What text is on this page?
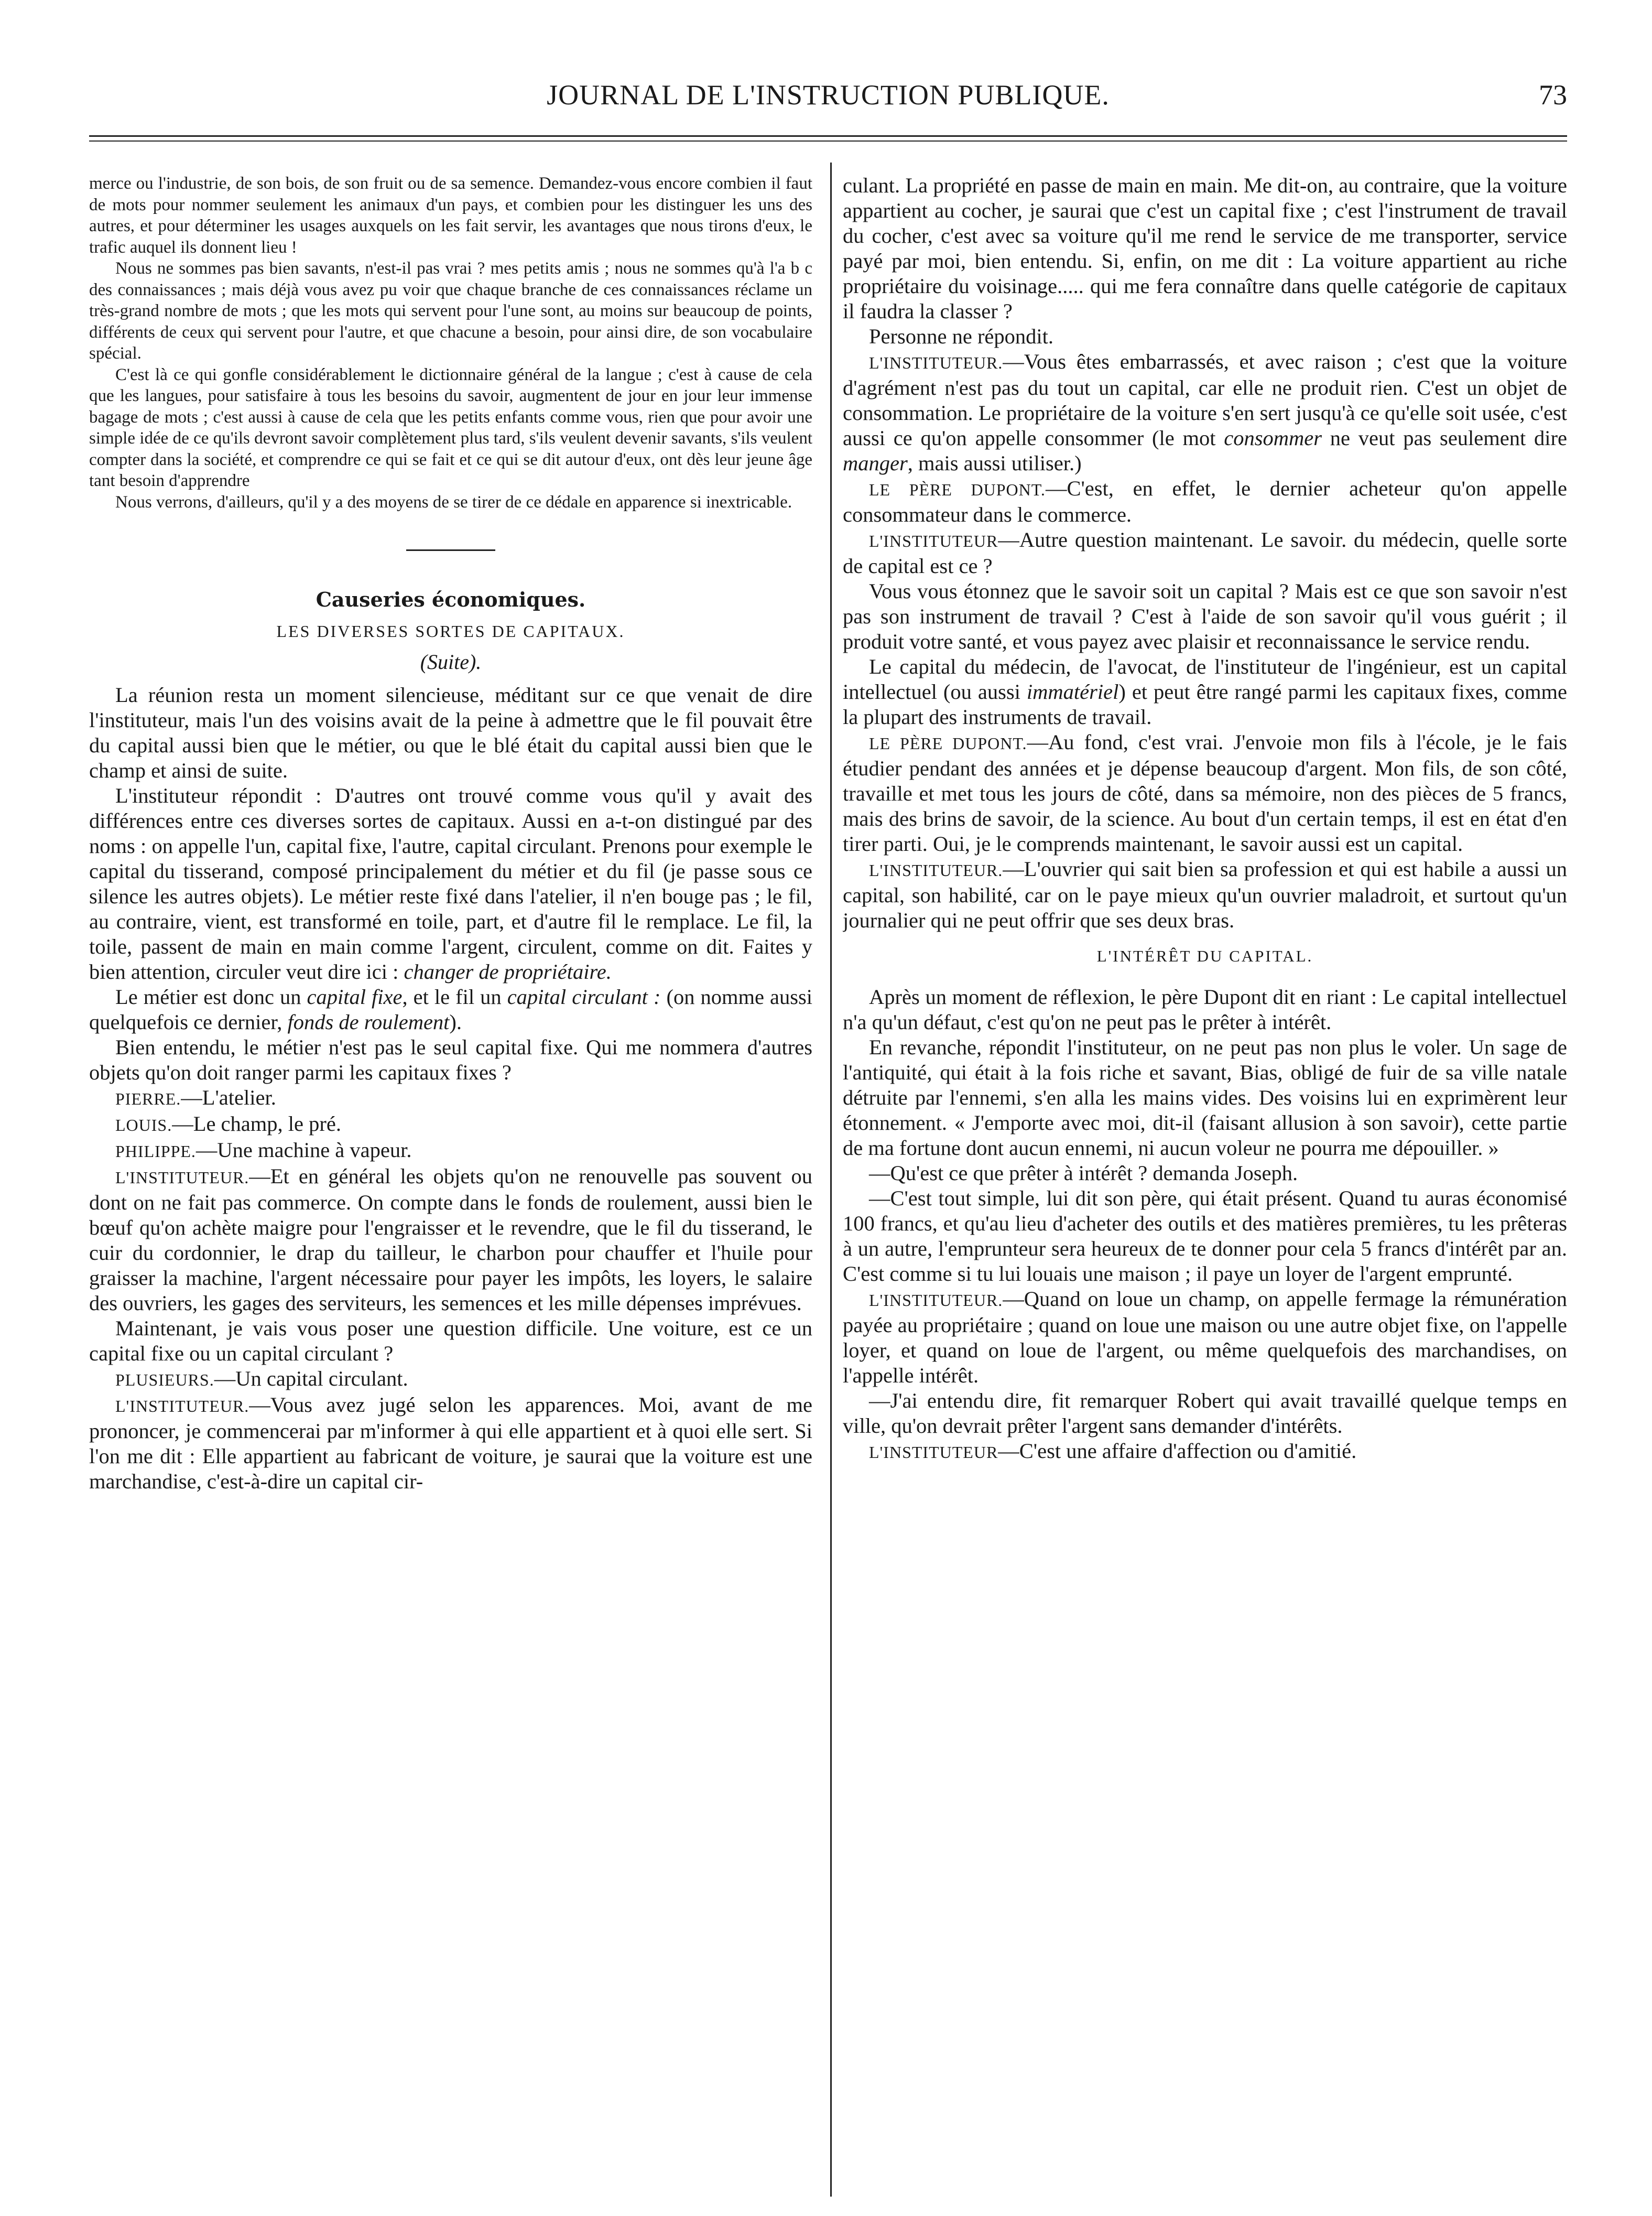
JOURNAL DE L'INSTRUCTION PUBLIQUE.	73

merce ou l'industrie, de son bois, de son fruit ou de sa semence. Demandez-vous encore combien il faut de mots pour nommer seulement les animaux d'un pays, et combien pour les distinguer les uns des autres, et pour déterminer les usages auxquels on les fait servir, les avantages que nous tirons d'eux, le trafic auquel ils donnent lieu !

Nous ne sommes pas bien savants, n'est-il pas vrai ? mes petits amis ; nous ne sommes qu'à l'a b c des connaissances ; mais déjà vous avez pu voir que chaque branche de ces connaissances réclame un très-grand nombre de mots ; que les mots qui servent pour l'une sont, au moins sur beaucoup de points, différents de ceux qui servent pour l'autre, et que chacune a besoin, pour ainsi dire, de son vocabulaire spécial.

C'est là ce qui gonfle considérablement le dictionnaire général de la langue ; c'est à cause de cela que les langues, pour satisfaire à tous les besoins du savoir, augmentent de jour en jour leur immense bagage de mots ; c'est aussi à cause de cela que les petits enfants comme vous, rien que pour avoir une simple idée de ce qu'ils devront savoir complètement plus tard, s'ils veulent devenir savants, s'ils veulent compter dans la société, et comprendre ce qui se fait et ce qui se dit autour d'eux, ont dès leur jeune âge tant besoin d'apprendre

Nous verrons, d'ailleurs, qu'il y a des moyens de se tirer de ce dédale en apparence si inextricable.

Causeries économiques.
LES DIVERSES SORTES DE CAPITAUX.
(Suite).

La réunion resta un moment silencieuse, méditant sur ce que venait de dire l'instituteur, mais l'un des voisins avait de la peine à admettre que le fil pouvait être du capital aussi bien que le métier, ou que le blé était du capital aussi bien que le champ et ainsi de suite.

L'instituteur répondit : D'autres ont trouvé comme vous qu'il y avait des différences entre ces diverses sortes de capitaux. Aussi en a-t-on distingué par des noms : on appelle l'un, capital fixe, l'autre, capital circulant. Prenons pour exemple le capital du tisserand, composé principalement du métier et du fil (je passe sous ce silence les autres objets). Le métier reste fixé dans l'atelier, il n'en bouge pas ; le fil, au contraire, vient, est transformé en toile, part, et d'autre fil le remplace. Le fil, la toile, passent de main en main comme l'argent, circulent, comme on dit. Faites y bien attention, circuler veut dire ici : changer de propriétaire.

Le métier est donc un capital fixe, et le fil un capital circulant : (on nomme aussi quelquefois ce dernier, fonds de roulement).

Bien entendu, le métier n'est pas le seul capital fixe. Qui me nommera d'autres objets qu'on doit ranger parmi les capitaux fixes ?

PIERRE.—L'atelier.

LOUIS.—Le champ, le pré.

PHILIPPE.—Une machine à vapeur.

L'INSTITUTEUR.—Et en général les objets qu'on ne renouvelle pas souvent ou dont on ne fait pas commerce. On compte dans le fonds de roulement, aussi bien le bœuf qu'on achète maigre pour l'engraisser et le revendre, que le fil du tisserand, le cuir du cordonnier, le drap du tailleur, le charbon pour chauffer et l'huile pour graisser la machine, l'argent nécessaire pour payer les impôts, les loyers, le salaire des ouvriers, les gages des serviteurs, les semences et les mille dépenses imprévues.

Maintenant, je vais vous poser une question difficile. Une voiture, est ce un capital fixe ou un capital circulant ?

PLUSIEURS.—Un capital circulant.

L'INSTITUTEUR.—Vous avez jugé selon les apparences. Moi, avant de me prononcer, je commencerai par m'informer à qui elle appartient et à quoi elle sert. Si l'on me dit : Elle appartient au fabricant de voiture, je saurai que la voiture est une marchandise, c'est-à-dire un capital cir-

culant. La propriété en passe de main en main. Me dit-on, au contraire, que la voiture appartient au cocher, je saurai que c'est un capital fixe ; c'est l'instrument de travail du cocher, c'est avec sa voiture qu'il me rend le service de me transporter, service payé par moi, bien entendu. Si, enfin, on me dit : La voiture appartient au riche propriétaire du voisinage..... qui me fera connaître dans quelle catégorie de capitaux il faudra la classer ?

Personne ne répondit.

L'INSTITUTEUR.—Vous êtes embarrassés, et avec raison ; c'est que la voiture d'agrément n'est pas du tout un capital, car elle ne produit rien. C'est un objet de consommation. Le propriétaire de la voiture s'en sert jusqu'à ce qu'elle soit usée, c'est aussi ce qu'on appelle consommer (le mot consommer ne veut pas seulement dire manger, mais aussi utiliser.)

LE PÈRE DUPONT.—C'est, en effet, le dernier acheteur qu'on appelle consommateur dans le commerce.

L'INSTITUTEUR—Autre question maintenant. Le savoir. du médecin, quelle sorte de capital est ce ?

Vous vous étonnez que le savoir soit un capital ? Mais est ce que son savoir n'est pas son instrument de travail ? C'est à l'aide de son savoir qu'il vous guérit ; il produit votre santé, et vous payez avec plaisir et reconnaissance le service rendu.

Le capital du médecin, de l'avocat, de l'instituteur de l'ingénieur, est un capital intellectuel (ou aussi immatériel) et peut être rangé parmi les capitaux fixes, comme la plupart des instruments de travail.

LE PÈRE DUPONT.—Au fond, c'est vrai. J'envoie mon fils à l'école, je le fais étudier pendant des années et je dépense beaucoup d'argent. Mon fils, de son côté, travaille et met tous les jours de côté, dans sa mémoire, non des pièces de 5 francs, mais des brins de savoir, de la science. Au bout d'un certain temps, il est en état d'en tirer parti. Oui, je le comprends maintenant, le savoir aussi est un capital.

L'INSTITUTEUR.—L'ouvrier qui sait bien sa profession et qui est habile a aussi un capital, son habilité, car on le paye mieux qu'un ouvrier maladroit, et surtout qu'un journalier qui ne peut offrir que ses deux bras.

L'INTÉRÊT DU CAPITAL.

Après un moment de réflexion, le père Dupont dit en riant : Le capital intellectuel n'a qu'un défaut, c'est qu'on ne peut pas le prêter à intérêt.

En revanche, répondit l'instituteur, on ne peut pas non plus le voler. Un sage de l'antiquité, qui était à la fois riche et savant, Bias, obligé de fuir de sa ville natale détruite par l'ennemi, s'en alla les mains vides. Des voisins lui en exprimèrent leur étonnement. « J'emporte avec moi, dit-il (faisant allusion à son savoir), cette partie de ma fortune dont aucun ennemi, ni aucun voleur ne pourra me dépouiller. »

—Qu'est ce que prêter à intérêt ? demanda Joseph.

—C'est tout simple, lui dit son père, qui était présent. Quand tu auras économisé 100 francs, et qu'au lieu d'acheter des outils et des matières premières, tu les prêteras à un autre, l'emprunteur sera heureux de te donner pour cela 5 francs d'intérêt par an. C'est comme si tu lui louais une maison ; il paye un loyer de l'argent emprunté.

L'INSTITUTEUR.—Quand on loue un champ, on appelle fermage la rémunération payée au propriétaire ; quand on loue une maison ou une autre objet fixe, on l'appelle loyer, et quand on loue de l'argent, ou même quelquefois des marchandises, on l'appelle intérêt.

—J'ai entendu dire, fit remarquer Robert qui avait travaillé quelque temps en ville, qu'on devrait prêter l'argent sans demander d'intérêts.

L'INSTITUTEUR—C'est une affaire d'affection ou d'amitié.
